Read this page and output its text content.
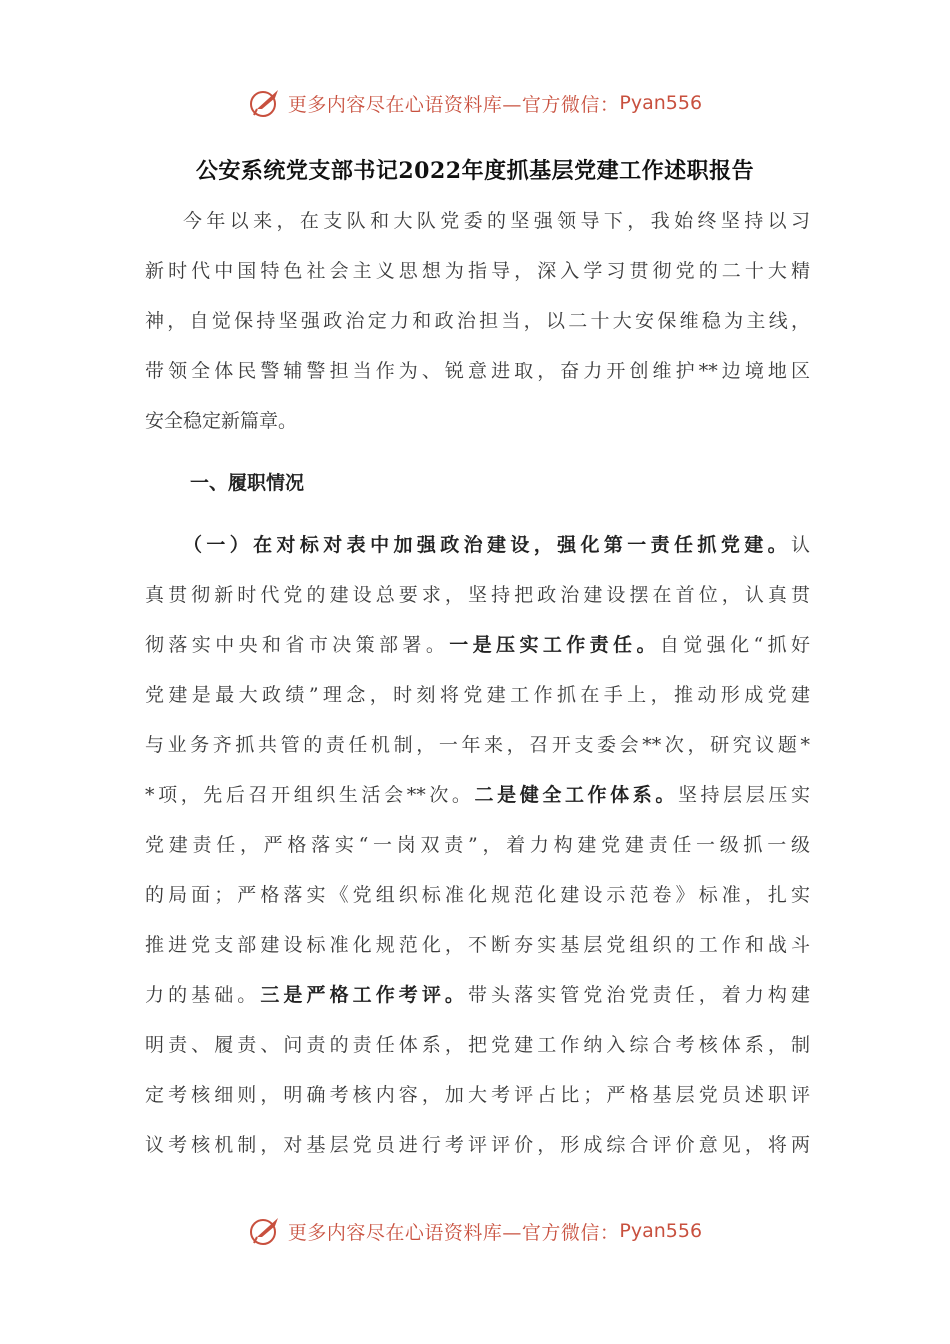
更多内容尽在心语资料库—官方微信： Pyan556
公安系统党支部书记2022年度抓基层党建工作述职报告
今年以来，在支队和大队党委的坚强领导下，我始终坚持以习
新时代中国特色社会主义思想为指导，深入学习贯彻党的二十大精
神，自觉保持坚强政治定力和政治担当，以二十大安保维稳为主线，
带领全体民警辅警担当作为、锐意进取，奋力开创维护**边境地区
安全稳定新篇章。
一、履职情况
（一）在对标对表中加强政治建设，强化第一责任抓党建。认
真贯彻新时代党的建设总要求，坚持把政治建设摆在首位，认真贯
彻落实中央和省市决策部署。一是压实工作责任。自觉强化“抓好
党建是最大政绩”理念，时刻将党建工作抓在手上，推动形成党建
与业务齐抓共管的责任机制，一年来，召开支委会**次，研究议题*
*项，先后召开组织生活会**次。二是健全工作体系。坚持层层压实
党建责任，严格落实“一岗双责”，着力构建党建责任一级抓一级
的局面；严格落实《党组织标准化规范化建设示范卷》标准，扎实
推进党支部建设标准化规范化，不断夯实基层党组织的工作和战斗
力的基础。三是严格工作考评。带头落实管党治党责任，着力构建
明责、履责、问责的责任体系，把党建工作纳入综合考核体系，制
定考核细则，明确考核内容，加大考评占比；严格基层党员述职评
议考核机制，对基层党员进行考评评价，形成综合评价意见，将两
更多内容尽在心语资料库—官方微信： Pyan556
